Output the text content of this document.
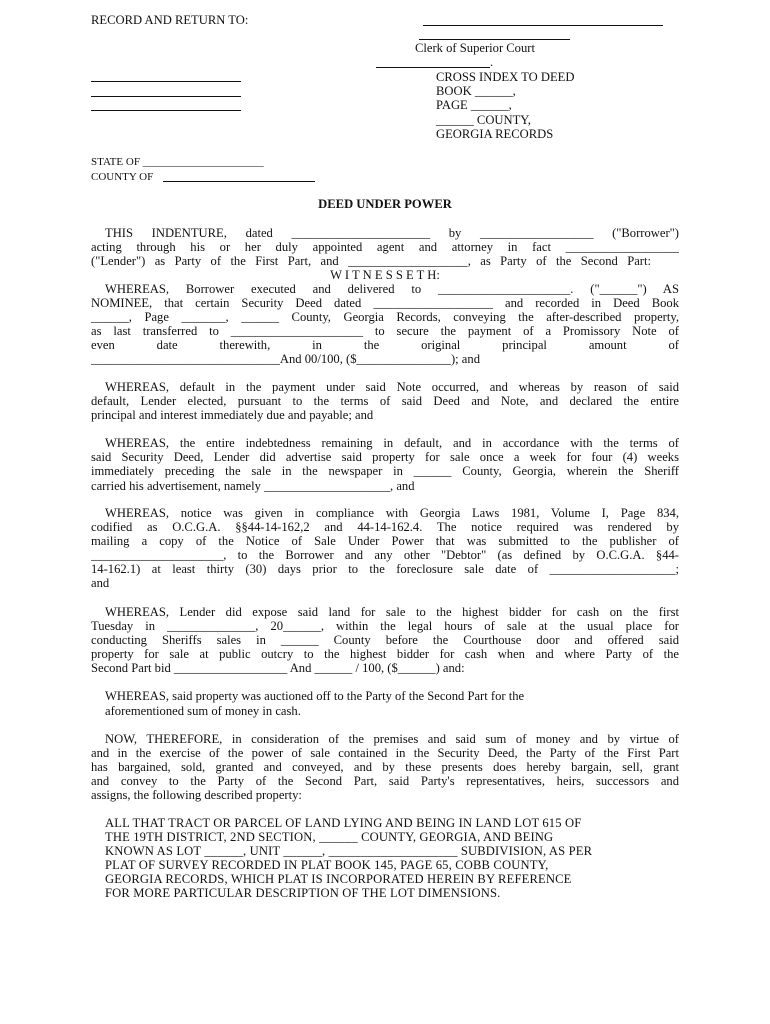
RECORD AND RETURN TO:
Clerk of Superior Court
.
CROSS INDEX TO DEED
BOOK ______,
PAGE ______,
______ COUNTY,
GEORGIA RECORDS
STATE OF ______________________
COUNTY OF
DEED UNDER POWER
THIS INDENTURE, dated ______________________ by __________________ ("Borrower")
acting through his or her duly appointed agent and attorney in fact __________________
("Lender") as Party of the First Part, and ___________________, as Party of the Second Part:
W I T N E S S E T H:
WHEREAS, Borrower executed and delivered to _____________________. ("______") AS
NOMINEE, that certain Security Deed dated ___________________ and recorded in Deed Book
______, Page _______, ______ County, Georgia Records, conveying the after-described property,
as last transferred to _____________________ to secure the payment of a Promissory Note of
even date therewith, in the original principal amount of
______________________________And 00/100, ($_______________); and
WHEREAS, default in the payment under said Note occurred, and whereas by reason of said
default, Lender elected, pursuant to the terms of said Deed and Note, and declared the entire
principal and interest immediately due and payable; and
WHEREAS, the entire indebtedness remaining in default, and in accordance with the terms of
said Security Deed, Lender did advertise said property for sale once a week for four (4) weeks
immediately preceding the sale in the newspaper in ______ County, Georgia, wherein the Sheriff
carried his advertisement, namely ____________________, and
WHEREAS, notice was given in compliance with Georgia Laws 1981, Volume I, Page 834,
codified as O.C.G.A. §§44-14-162,2 and 44-14-162.4. The notice required was rendered by
mailing a copy of the Notice of Sale Under Power that was submitted to the publisher of
_____________________, to the Borrower and any other "Debtor" (as defined by O.C.G.A. §44-
14-162.1) at least thirty (30) days prior to the foreclosure sale date of ____________________;
and
WHEREAS, Lender did expose said land for sale to the highest bidder for cash on the first
Tuesday in ______________, 20______, within the legal hours of sale at the usual place for
conducting Sheriffs sales in ______ County before the Courthouse door and offered said
property for sale at public outcry to the highest bidder for cash when and where Party of the
Second Part bid __________________ And ______ / 100, ($______) and:
WHEREAS, said property was auctioned off to the Party of the Second Part for the
aforementioned sum of money in cash.
NOW, THEREFORE, in consideration of the premises and said sum of money and by virtue of
and in the exercise of the power of sale contained in the Security Deed, the Party of the First Part
has bargained, sold, granted and conveyed, and by these presents does hereby bargain, sell, grant
and convey to the Party of the Second Part, said Party's representatives, heirs, successors and
assigns, the following described property:
ALL THAT TRACT OR PARCEL OF LAND LYING AND BEING IN LAND LOT 615 OF
THE 19TH DISTRICT, 2ND SECTION, ______ COUNTY, GEORGIA, AND BEING
KNOWN AS LOT ______, UNIT ______, ____________________ SUBDIVISION, AS PER
PLAT OF SURVEY RECORDED IN PLAT BOOK 145, PAGE 65, COBB COUNTY,
GEORGIA RECORDS, WHICH PLAT IS INCORPORATED HEREIN BY REFERENCE
FOR MORE PARTICULAR DESCRIPTION OF THE LOT DIMENSIONS.
